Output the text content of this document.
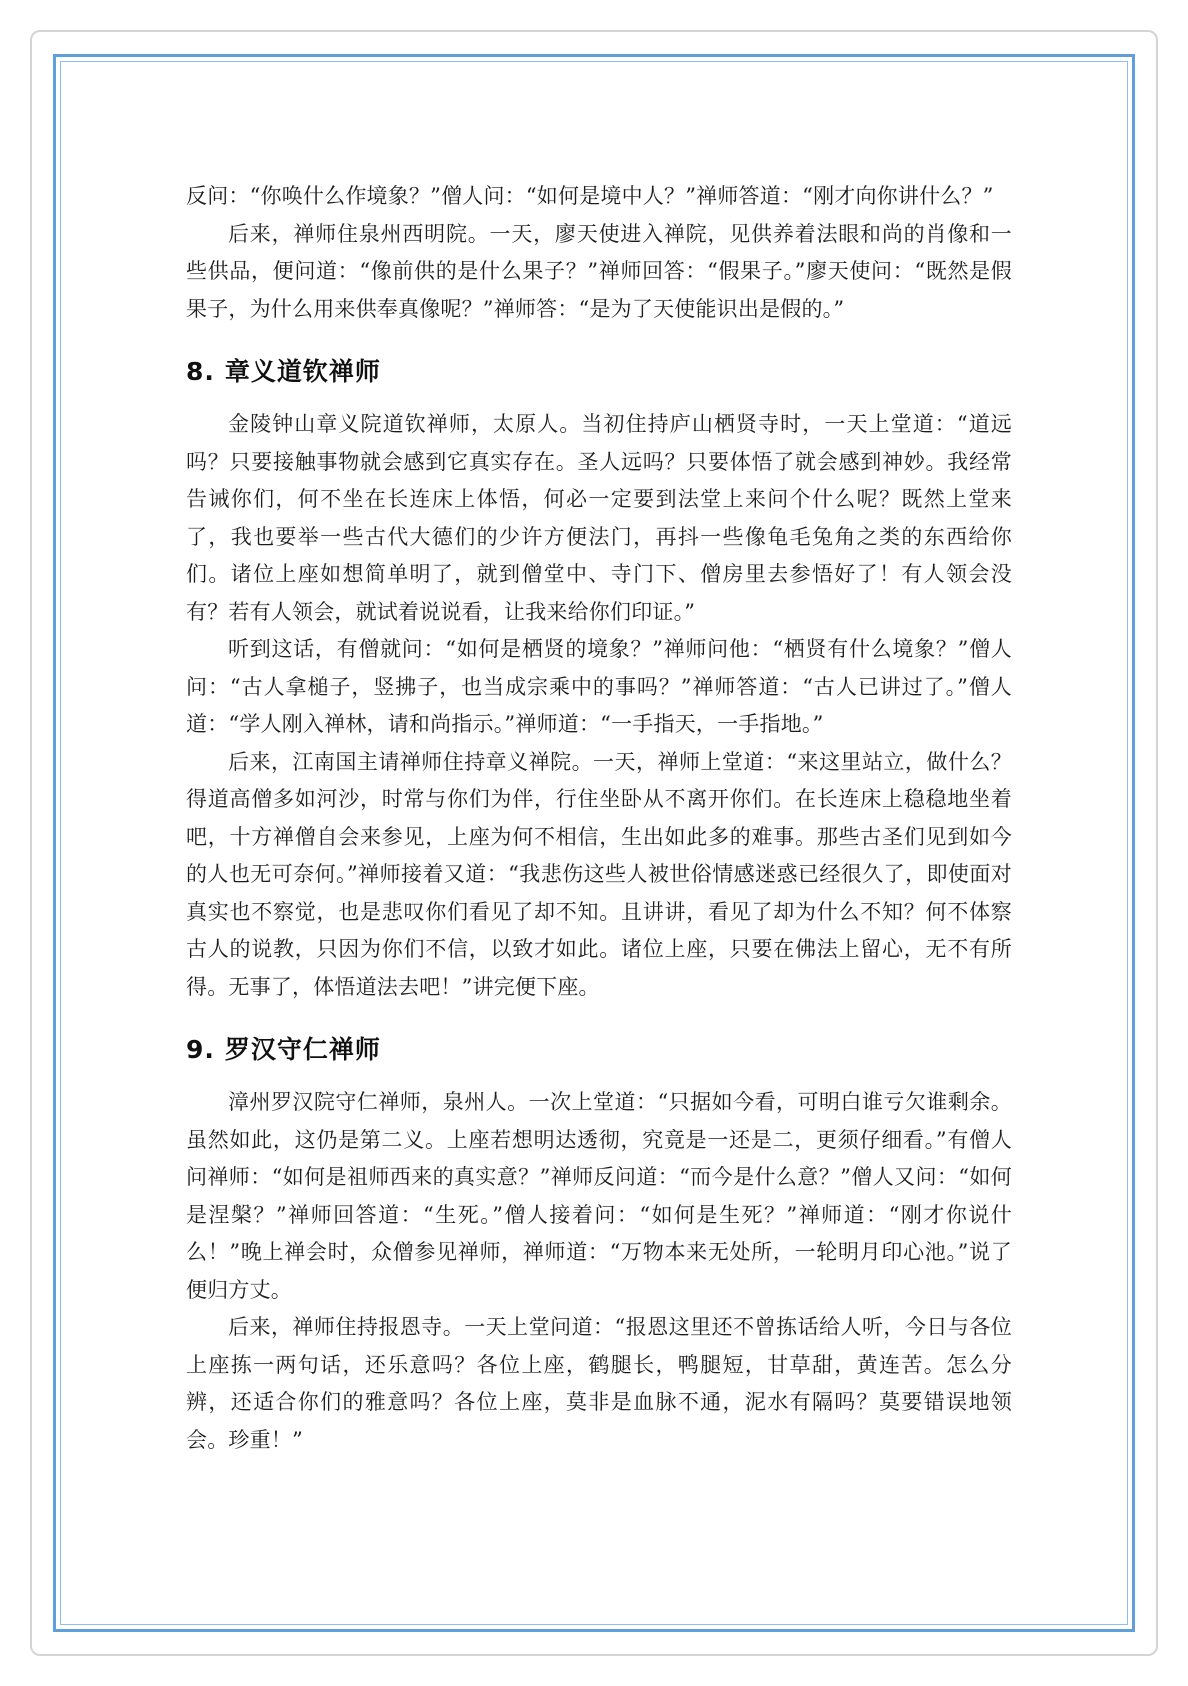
反问：“你唤什么作境象？”僧人问：“如何是境中人？”禅师答道：“刚才向你讲什么？”

后来，禅师住泉州西明院。一天，廖天使进入禅院，见供养着法眼和尚的肖像和一些供品，便问道：“像前供的是什么果子？”禅师回答：“假果子。”廖天使问：“既然是假果子，为什么用来供奉真像呢？”禅师答：“是为了天使能识出是假的。”

8. 章义道钦禅师

金陵钟山章义院道钦禅师，太原人。当初住持庐山栖贤寺时，一天上堂道：“道远吗？只要接触事物就会感到它真实存在。圣人远吗？只要体悟了就会感到神妙。我经常告诫你们，何不坐在长连床上体悟，何必一定要到法堂上来问个什么呢？既然上堂来了，我也要举一些古代大德们的少许方便法门，再抖一些像龟毛兔角之类的东西给你们。诸位上座如想简单明了，就到僧堂中、寺门下、僧房里去参悟好了！有人领会没有？若有人领会，就试着说说看，让我来给你们印证。”

听到这话，有僧就问：“如何是栖贤的境象？”禅师问他：“栖贤有什么境象？”僧人问：“古人拿槌子，竖拂子，也当成宗乘中的事吗？”禅师答道：“古人已讲过了。”僧人道：“学人刚入禅林，请和尚指示。”禅师道：“一手指天，一手指地。”

后来，江南国主请禅师住持章义禅院。一天，禅师上堂道：“来这里站立，做什么？得道高僧多如河沙，时常与你们为伴，行住坐卧从不离开你们。在长连床上稳稳地坐着吧，十方禅僧自会来参见，上座为何不相信，生出如此多的难事。那些古圣们见到如今的人也无可奈何。”禅师接着又道：“我悲伤这些人被世俗情感迷惑已经很久了，即使面对真实也不察觉，也是悲叹你们看见了却不知。且讲讲，看见了却为什么不知？何不体察古人的说教，只因为你们不信，以致才如此。诸位上座，只要在佛法上留心，无不有所得。无事了，体悟道法去吧！”讲完便下座。

9. 罗汉守仁禅师

漳州罗汉院守仁禅师，泉州人。一次上堂道：“只据如今看，可明白谁亏欠谁剩余。虽然如此，这仍是第二义。上座若想明达透彻，究竟是一还是二，更须仔细看。”有僧人问禅师：“如何是祖师西来的真实意？”禅师反问道：“而今是什么意？”僧人又问：“如何是涅槃？”禅师回答道：“生死。”僧人接着问：“如何是生死？”禅师道：“刚才你说什么！”晚上禅会时，众僧参见禅师，禅师道：“万物本来无处所，一轮明月印心池。”说了便归方丈。

后来，禅师住持报恩寺。一天上堂问道：“报恩这里还不曾拣话给人听，今日与各位上座拣一两句话，还乐意吗？各位上座，鹤腿长，鸭腿短，甘草甜，黄连苦。怎么分辨，还适合你们的雅意吗？各位上座，莫非是血脉不通，泥水有隔吗？莫要错误地领会。珍重！”
